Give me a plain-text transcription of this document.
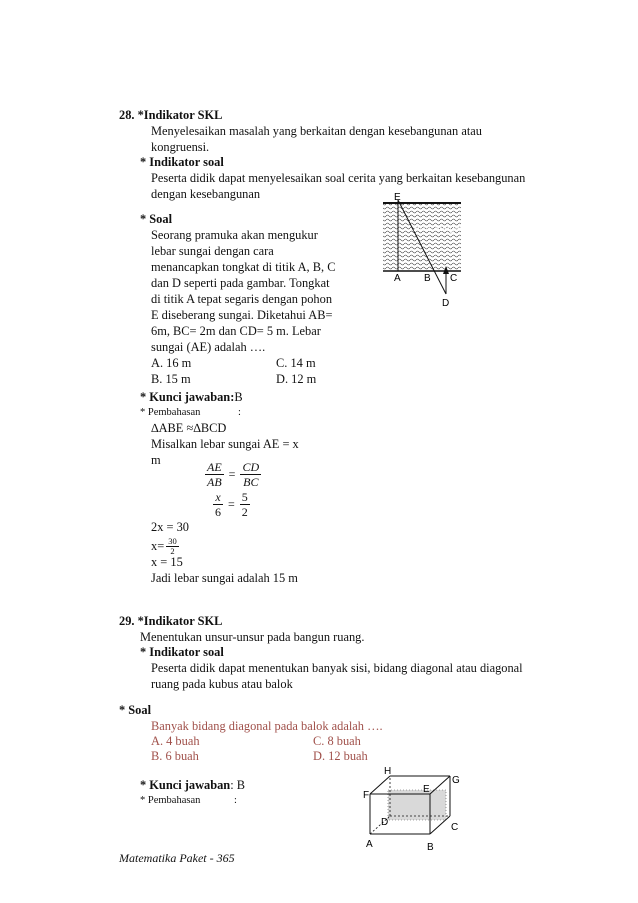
28. *Indikator SKL
Menyelesaikan masalah yang berkaitan dengan kesebangunan atau
kongruensi.
* Indikator soal
Peserta didik dapat menyelesaikan soal cerita yang berkaitan kesebangunan
dengan kesebangunan
* Soal
Seorang pramuka akan mengukur
lebar sungai dengan cara
menancapkan tongkat di titik A, B, C
dan D seperti pada gambar. Tongkat
di titik A tepat segaris dengan pohon
E diseberang sungai. Diketahui AB=
6m, BC= 2m dan CD= 5 m. Lebar
sungai (AE) adalah ….
A. 16 m	C. 14 m
B. 15 m	D. 12 m
E
Arus sungai
A B C
D
* Kunci jawaban:B
* Pembahasan	:
∆ABE ≈∆BCD
Misalkan lebar sungai AE = x
m	$\frac{AE}{AB} = \frac{CD}{BC}$
$\frac{x}{6} = \frac{5}{2}$
2x = 30
$x= \frac{30}{2}$
x = 15
Jadi lebar sungai adalah 15 m
29. *Indikator SKL
Menentukan unsur-unsur pada bangun ruang.
* Indikator soal
Peserta didik dapat menentukan banyak sisi, bidang diagonal atau diagonal
ruang pada kubus atau balok
* Soal
Banyak bidang diagonal pada balok adalah ….
A. 4 buah	C. 8 buah
B. 6 buah	D. 12 buah
* Kunci jawaban: B
* Pembahasan	:
H
G
E
F
D	C
A	B
Matematika Paket - 365
